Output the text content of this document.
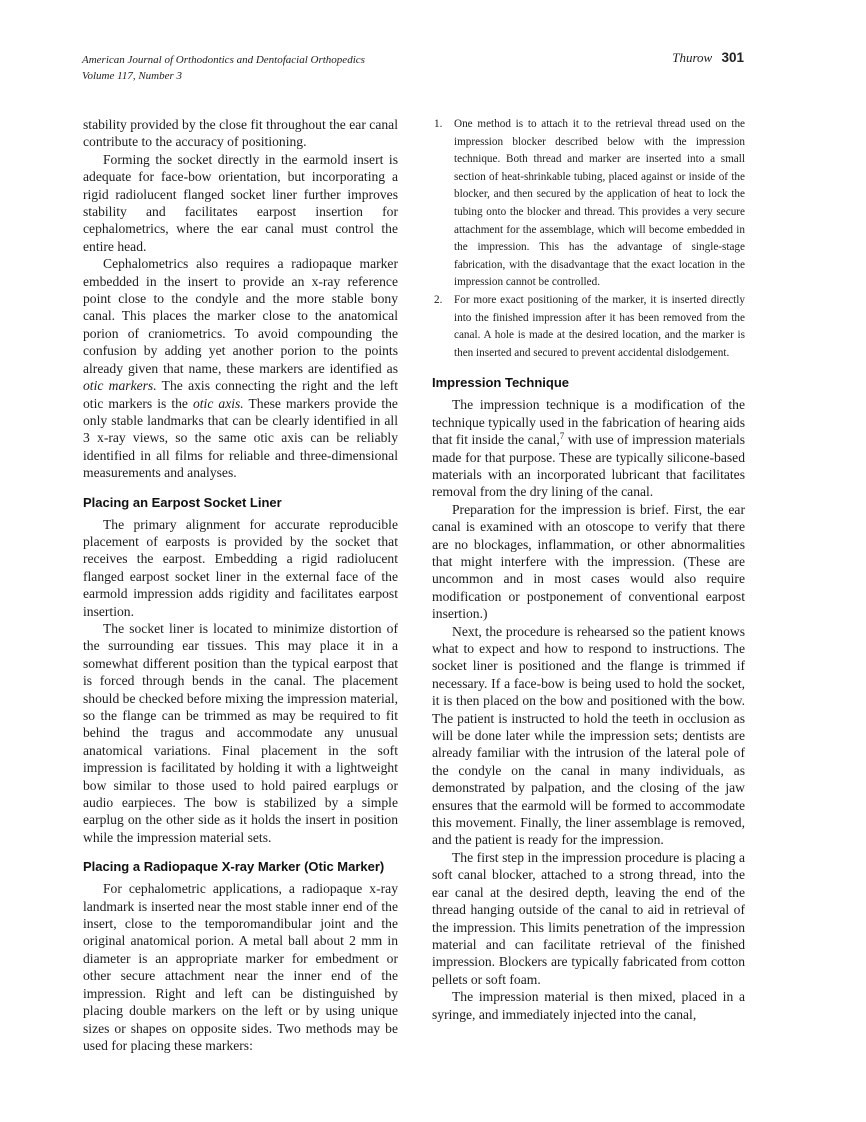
American Journal of Orthodontics and Dentofacial Orthopedics
Volume 117, Number 3
Thurow 301

stability provided by the close fit throughout the ear canal contribute to the accuracy of positioning.

Forming the socket directly in the earmold insert is adequate for face-bow orientation, but incorporating a rigid radiolucent flanged socket liner further improves stability and facilitates earpost insertion for cephalometrics, where the ear canal must control the entire head.

Cephalometrics also requires a radiopaque marker embedded in the insert to provide an x-ray reference point close to the condyle and the more stable bony canal. This places the marker close to the anatomical porion of craniometrics. To avoid compounding the confusion by adding yet another porion to the points already given that name, these markers are identified as otic markers. The axis connecting the right and the left otic markers is the otic axis. These markers provide the only stable landmarks that can be clearly identified in all 3 x-ray views, so the same otic axis can be reliably identified in all films for reliable and three-dimensional measurements and analyses.

Placing an Earpost Socket Liner

The primary alignment for accurate reproducible placement of earposts is provided by the socket that receives the earpost. Embedding a rigid radiolucent flanged earpost socket liner in the external face of the earmold impression adds rigidity and facilitates earpost insertion.

The socket liner is located to minimize distortion of the surrounding ear tissues. This may place it in a somewhat different position than the typical earpost that is forced through bends in the canal. The placement should be checked before mixing the impression material, so the flange can be trimmed as may be required to fit behind the tragus and accommodate any unusual anatomical variations. Final placement in the soft impression is facilitated by holding it with a lightweight bow similar to those used to hold paired earplugs or audio earpieces. The bow is stabilized by a simple earplug on the other side as it holds the insert in position while the impression material sets.

Placing a Radiopaque X-ray Marker (Otic Marker)

For cephalometric applications, a radiopaque x-ray landmark is inserted near the most stable inner end of the insert, close to the temporomandibular joint and the original anatomical porion. A metal ball about 2 mm in diameter is an appropriate marker for embedment or other secure attachment near the inner end of the impression. Right and left can be distinguished by placing double markers on the left or by using unique sizes or shapes on opposite sides. Two methods may be used for placing these markers:

1. One method is to attach it to the retrieval thread used on the impression blocker described below with the impression technique. Both thread and marker are inserted into a small section of heat-shrinkable tubing, placed against or inside of the blocker, and then secured by the application of heat to lock the tubing onto the blocker and thread. This provides a very secure attachment for the assemblage, which will become embedded in the impression. This has the advantage of single-stage fabrication, with the disadvantage that the exact location in the impression cannot be controlled.
2. For more exact positioning of the marker, it is inserted directly into the finished impression after it has been removed from the canal. A hole is made at the desired location, and the marker is then inserted and secured to prevent accidental dislodgement.
Impression Technique

The impression technique is a modification of the technique typically used in the fabrication of hearing aids that fit inside the canal,$^7$ with use of impression materials made for that purpose. These are typically silicone-based materials with an incorporated lubricant that facilitates removal from the dry lining of the canal.

Preparation for the impression is brief. First, the ear canal is examined with an otoscope to verify that there are no blockages, inflammation, or other abnormalities that might interfere with the impression. (These are uncommon and in most cases would also require modification or postponement of conventional earpost insertion.)

Next, the procedure is rehearsed so the patient knows what to expect and how to respond to instructions. The socket liner is positioned and the flange is trimmed if necessary. If a face-bow is being used to hold the socket, it is then placed on the bow and positioned with the bow. The patient is instructed to hold the teeth in occlusion as will be done later while the impression sets; dentists are already familiar with the intrusion of the lateral pole of the condyle on the canal in many individuals, as demonstrated by palpation, and the closing of the jaw ensures that the earmold will be formed to accommodate this movement. Finally, the liner assemblage is removed, and the patient is ready for the impression.

The first step in the impression procedure is placing a soft canal blocker, attached to a strong thread, into the ear canal at the desired depth, leaving the end of the thread hanging outside of the canal to aid in retrieval of the impression. This limits penetration of the impression material and can facilitate retrieval of the finished impression. Blockers are typically fabricated from cotton pellets or soft foam.

The impression material is then mixed, placed in a syringe, and immediately injected into the canal,
